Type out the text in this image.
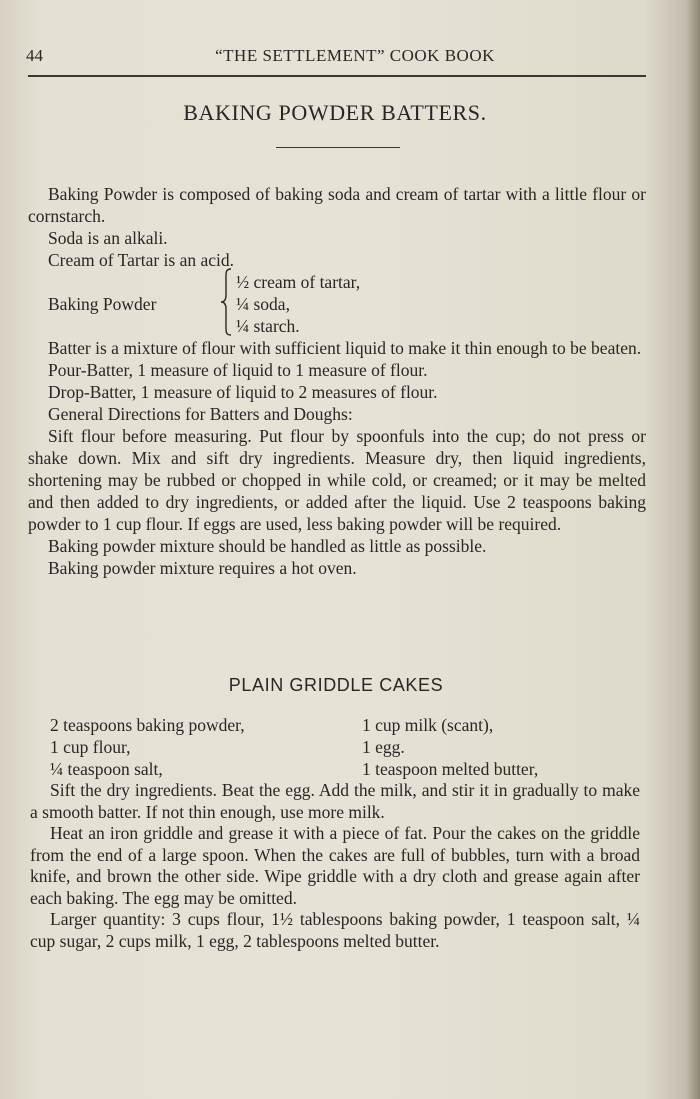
44	“THE SETTLEMENT” COOK BOOK
BAKING POWDER BATTERS.

Baking Powder is composed of baking soda and cream of tartar with a little flour or cornstarch.

Soda is an alkali.

Cream of Tartar is an acid.

Baking Powder
½ cream of tartar,
¼ soda,
¼ starch.

Batter is a mixture of flour with sufficient liquid to make it thin enough to be beaten.

Pour-Batter, 1 measure of liquid to 1 measure of flour.

Drop-Batter, 1 measure of liquid to 2 measures of flour.

General Directions for Batters and Doughs:

Sift flour before measuring. Put flour by spoonfuls into the cup; do not press or shake down. Mix and sift dry ingredients. Measure dry, then liquid ingredients, shortening may be rubbed or chopped in while cold, or creamed; or it may be melted and then added to dry ingredients, or added after the liquid. Use 2 teaspoons baking powder to 1 cup flour. If eggs are used, less baking powder will be required.

Baking powder mixture should be handled as little as possible.

Baking powder mixture requires a hot oven.

PLAIN GRIDDLE CAKES
2 teaspoons baking powder,
1 cup flour,
¼ teaspoon salt,
1 cup milk (scant),
1 egg.
1 teaspoon melted butter,

Sift the dry ingredients. Beat the egg. Add the milk, and stir it in gradually to make a smooth batter. If not thin enough, use more milk.

Heat an iron griddle and grease it with a piece of fat. Pour the cakes on the griddle from the end of a large spoon. When the cakes are full of bubbles, turn with a broad knife, and brown the other side. Wipe griddle with a dry cloth and grease again after each baking. The egg may be omitted.

Larger quantity: 3 cups flour, 1½ tablespoons baking powder, 1 teaspoon salt, ¼ cup sugar, 2 cups milk, 1 egg, 2 tablespoons melted butter.
